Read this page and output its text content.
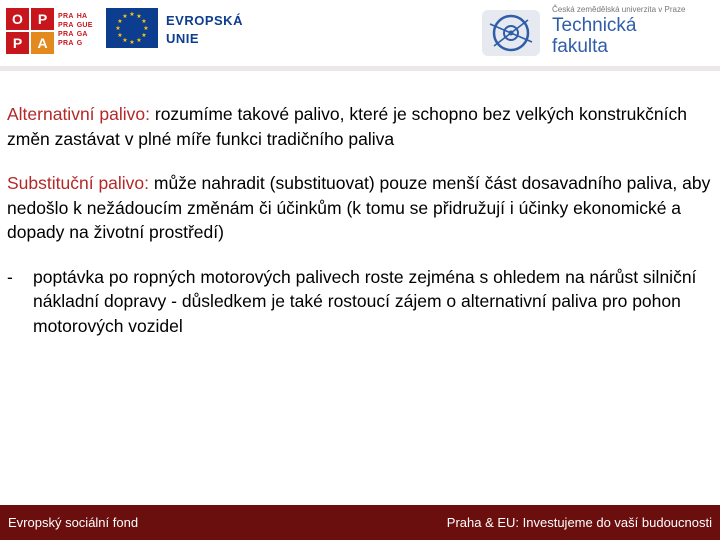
O	P
P	A
PRA HA
PRA GUE
PRA GA
PRA G
★ ★
★
★
★
★
★
★
★
★
★
★	EVROPSKÁ
UNIE
Česká zemědělská univerzita v Praze
Technická
fakulta

Alternativní palivo: rozumíme takové palivo, které je schopno bez velkých konstrukčních změn zastávat v plné míře funkci tradičního paliva

Substituční palivo: může nahradit (substituovat) pouze menší část dosavadního paliva, aby nedošlo k nežádoucím změnám či účinkům (k tomu se přidružují i účinky ekonomické a dopady na životní prostředí)

-	poptávka po ropných motorových palivech roste zejména s ohledem na nárůst silniční nákladní dopravy - důsledkem je také rostoucí zájem o alternativní paliva pro pohon motorových vozidel
Evropský sociální fond	Praha & EU: Investujeme do vaší budoucnosti
